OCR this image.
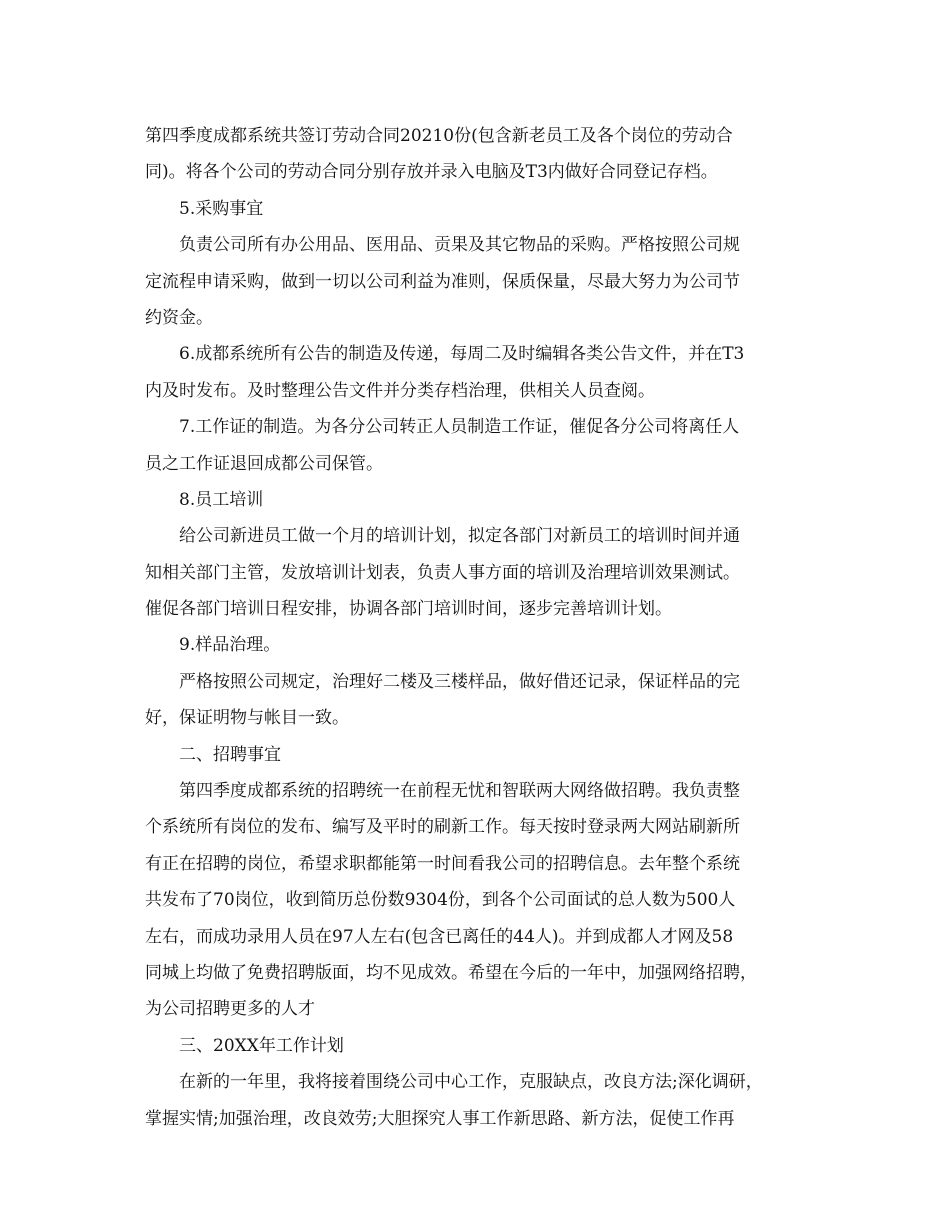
第四季度成都系统共签订劳动合同20210份(包含新老员工及各个岗位的劳动合
同)。将各个公司的劳动合同分别存放并录入电脑及T3内做好合同登记存档。
5.采购事宜
负责公司所有办公用品、医用品、贡果及其它物品的采购。严格按照公司规
定流程申请采购，做到一切以公司利益为准则，保质保量，尽最大努力为公司节
约资金。
6.成都系统所有公告的制造及传递，每周二及时编辑各类公告文件，并在T3
内及时发布。及时整理公告文件并分类存档治理，供相关人员查阅。
7.工作证的制造。为各分公司转正人员制造工作证，催促各分公司将离任人
员之工作证退回成都公司保管。
8.员工培训
给公司新进员工做一个月的培训计划，拟定各部门对新员工的培训时间并通
知相关部门主管，发放培训计划表，负责人事方面的培训及治理培训效果测试。
催促各部门培训日程安排，协调各部门培训时间，逐步完善培训计划。
9.样品治理。
严格按照公司规定，治理好二楼及三楼样品，做好借还记录，保证样品的完
好，保证明物与帐目一致。
二、招聘事宜
第四季度成都系统的招聘统一在前程无忧和智联两大网络做招聘。我负责整
个系统所有岗位的发布、编写及平时的刷新工作。每天按时登录两大网站刷新所
有正在招聘的岗位，希望求职都能第一时间看我公司的招聘信息。去年整个系统
共发布了70岗位，收到简历总份数9304份，到各个公司面试的总人数为500人
左右，而成功录用人员在97人左右(包含已离任的44人)。并到成都人才网及58
同城上均做了免费招聘版面，均不见成效。希望在今后的一年中，加强网络招聘，
为公司招聘更多的人才
三、20XX年工作计划
在新的一年里，我将接着围绕公司中心工作，克服缺点，改良方法;深化调研，
掌握实情;加强治理，改良效劳;大胆探究人事工作新思路、新方法，促使工作再
